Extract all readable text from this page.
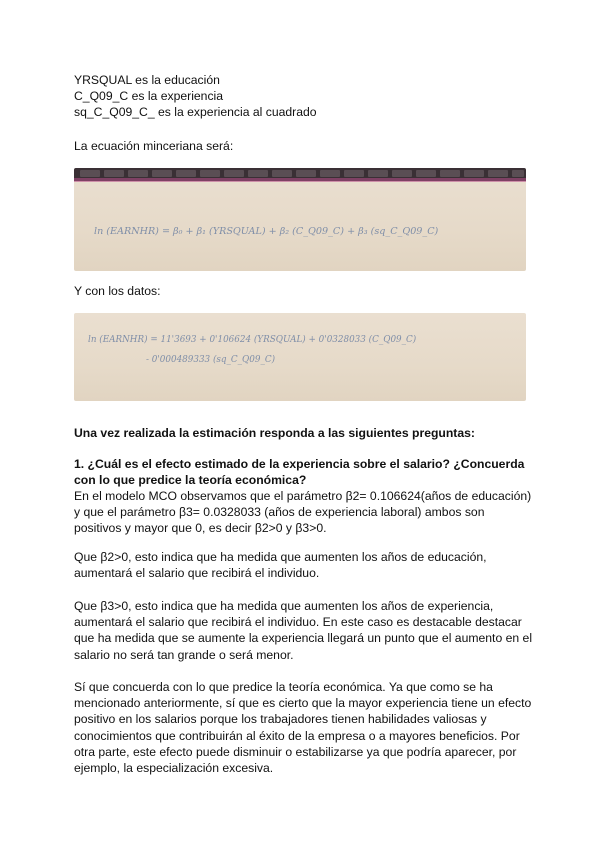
YRSQUAL es la educación

C_Q09_C es la experiencia

sq_C_Q09_C_ es la experiencia al cuadrado

La ecuación minceriana será:

ln (EARNHR) = β₀ + β₁ (YRSQUAL) + β₂ (C_Q09_C) + β₃ (sq_C_Q09_C)

Y con los datos:

ln (EARNHR) = 11'3693 + 0'106624 (YRSQUAL) + 0'0328033 (C_Q09_C)
- 0'000489333 (sq_C_Q09_C)

Una vez realizada la estimación responda a las siguientes preguntas:

1. ¿Cuál es el efecto estimado de la experiencia sobre el salario? ¿Concuerda con lo que predice la teoría económica?

En el modelo MCO observamos que el parámetro β2= 0.106624(años de educación) y que el parámetro β3= 0.0328033 (años de experiencia laboral) ambos son positivos y mayor que 0, es decir β2>0 y β3>0.

Que β2>0, esto indica que ha medida que aumenten los años de educación, aumentará el salario que recibirá el individuo.

Que β3>0, esto indica que ha medida que aumenten los años de experiencia, aumentará el salario que recibirá el individuo. En este caso es destacable destacar que ha medida que se aumente la experiencia llegará un punto que el aumento en el salario no será tan grande o será menor.

Sí que concuerda con lo que predice la teoría económica. Ya que como se ha mencionado anteriormente, sí que es cierto que la mayor experiencia tiene un efecto positivo en los salarios porque los trabajadores tienen habilidades valiosas y conocimientos que contribuirán al éxito de la empresa o a mayores beneficios. Por otra parte, este efecto puede disminuir o estabilizarse ya que podría aparecer, por ejemplo, la especialización excesiva.
